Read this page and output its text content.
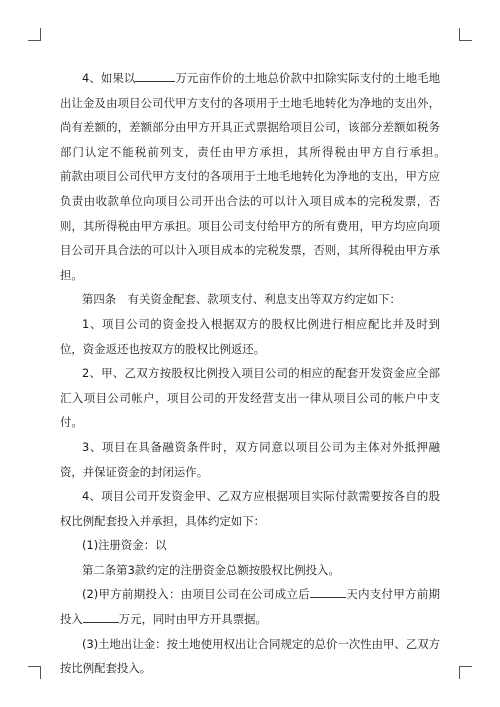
4、如果以	万元亩作价的土地总价款中扣除实际支付的土地毛地出让金及由项目公司代甲方支付的各项用于土地毛地转化为净地的支出外，尚有差额的，差额部分由甲方开具正式票据给项目公司，该部分差额如税务部门认定不能税前列支，责任由甲方承担，其所得税由甲方自行承担。　　前款由项目公司代甲方支付的各项用于土地毛地转化为净地的支出，甲方应负责由收款单位向项目公司开出合法的可以计入项目成本的完税发票，否则，其所得税由甲方承担。项目公司支付给甲方的所有费用，甲方均应向项目公司开具合法的可以计入项目成本的完税发票，否则，其所得税由甲方承担。

第四条　有关资金配套、款项支付、利息支出等双方约定如下：

1、项目公司的资金投入根据双方的股权比例进行相应配比并及时到位，资金返还也按双方的股权比例返还。

2、甲、乙双方按股权比例投入项目公司的相应的配套开发资金应全部汇入项目公司帐户，项目公司的开发经营支出一律从项目公司的帐户中支付。

3、项目在具备融资条件时，双方同意以项目公司为主体对外抵押融资，并保证资金的封闭运作。

4、项目公司开发资金甲、乙双方应根据项目实际付款需要按各自的股权比例配套投入并承担，具体约定如下：

(1)注册资金：以

第二条第3款约定的注册资金总额按股权比例投入。

(2)甲方前期投入：由项目公司在公司成立后	天内支付甲方前期投入	万元，同时由甲方开具票据。

(3)土地出让金：按土地使用权出让合同规定的总价一次性由甲、乙双方按比例配套投入。
